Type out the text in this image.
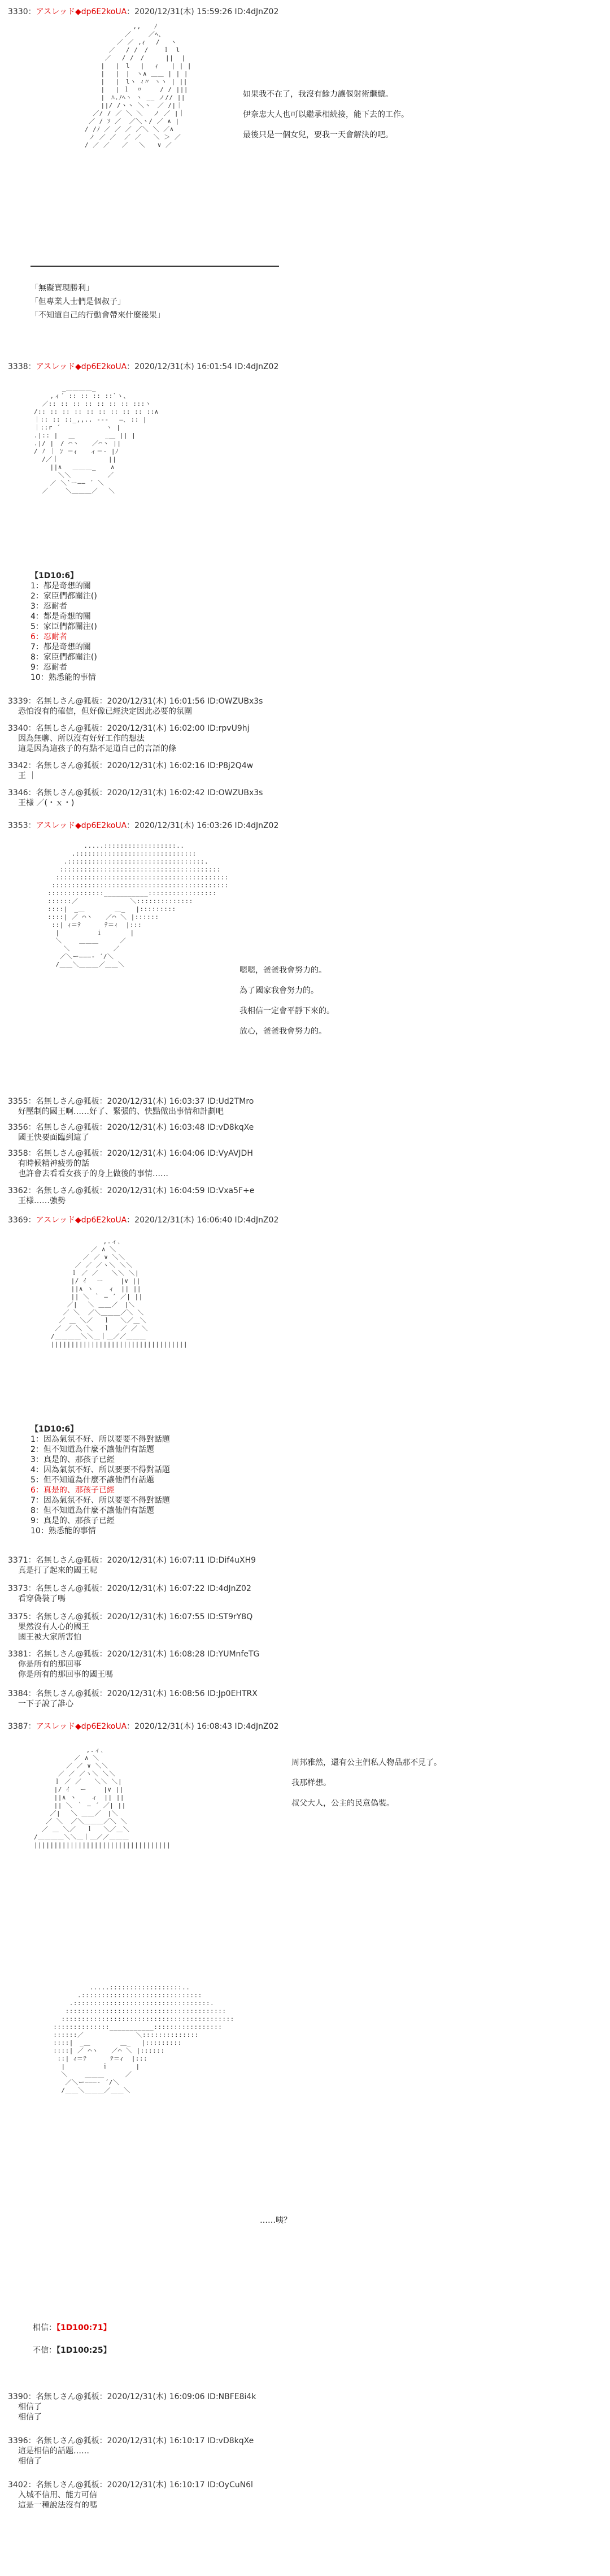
3330：アスレッド◆dp6E2koUA：2020/12/31(木) 15:59:26 ID:4dJnZ02
,,　　ﾉ
／　　 ／ﾍ、
／ ／ ,ｨ　 / 　ヽ
／　 / /　/　  ｌ　l
／　 / /　/ 　　 ||  |
|　 |　l　 | 　ｨ　　| | |
|　 |　|　ヽ∧ ＿＿ | | |
|　 |　lヽ ｨ〃 ヽヽ | ||
|　 | ｌ　〃　　 / / |||
|　ﾊ.ﾉﾍヽ ヽ __ ノ// ||
||/ /ヽヽ ＼ヽ　／ /|｜
／/ / ／ ＼ ＼　 ノ ／ |｜
／ / ｿ ／  ／＼ヽ/ ／ ∧ |
/ /ﾉ ／ ／ ／ ／＼ ＼ ／∧
ノ ／ ／  ／ ／   ＼ ＞ ／
/ ／ ／   ／　 ＼   ∨ ／
如果我不在了，我沒有餘力讓偃射術繼續。

伊奈忠大人也可以繼承相続接，能下去的工作。

最後只是一個女兒，要我一天會解決的吧。
「無礙實現勝利」
「但專業人士們是個叔子」
「不知道自己的行動會帶來什麼後果」
3338：アスレッド◆dp6E2koUA：2020/12/31(木) 16:01:54 ID:4dJnZ02
_＿＿＿＿_
,ィ´ :: :: :: ::`ヽ、
／:: :: :: :: :: :: :: :::ヽ
/:: :: :: :: :: :: :: :: :: ::∧
｜:: :: ::_,,.. --‐ 　―､ :: |
｜::r ´　　　　　　　ヽ |
.|:: |　 ＿ 　　　　_＿ || |
.|/ |　/ ⌒ヽ　　／⌒ヽ ||
/ ﾉ ｜ ﾝ ＝ｨ　　ィ＝‐ |ﾉ
/／｜　　　　　　　 ||
||∧　 ＿＿＿_ 　 ∧
＼＼　　　　　 ／
／ ＼`ー―― ´ ＼
／　　 ＼＿＿＿／　 ＼
【1D10:6】
1：都是奇想的關
2：家臣們都關注()
3：忍耐者
4：都是奇想的關
5：家臣們都關注()
6：忍耐者
7：都是奇想的關
8：家臣們都關注()
9：忍耐者
10：熟悉能的事情
3339：名無しさん@狐板：2020/12/31(木) 16:01:56 ID:OWZUBx3s
恐怕沒有的確信，但好像已經決定因此必要的氛圍
3340：名無しさん@狐板：2020/12/31(木) 16:02:00 ID:rpvU9hj
因為無聊、所以沒有好好工作的想法
這是因為這孩子的有點不足道自己的言語的條
3342：名無しさん@狐板：2020/12/31(木) 16:02:16 ID:P8j2Q4w
王 ｜
3346：名無しさん@狐板：2020/12/31(木) 16:02:42 ID:OWZUBx3s
王様 ／(・ｘ・)
3353：アスレッド◆dp6E2koUA：2020/12/31(木) 16:03:26 ID:4dJnZ02
.....::::::::::::::::::..
.::::::::::::::::::::::::::::::
.::::::::::::::::::::::::::::::::::.
::::::::::::::::::::::::::::::::::::::::
:::::::::::::::::::::::::::::::::::::::::::
::::::::::::::::::::::::::::::::::::::::::::
::::::::::::::___________:::::::::::::::::
::::::／　　　　　　　　＼::::::::::::::
::::|　_＿　　　　 ＿_　 |:::::::::
::::| ／ ⌒ヽ　　／⌒ ＼ |::::::
::| ｨ＝ﾃ　　　 ﾃ＝ｨ  |:::
|　　　　　 ｉ 　　　 |
＼　　 ＿＿＿ 　　 ／
＼　　　　　　 ／
／＼ー―――‐ ´/＼
/＿＿＼＿＿＿／＿＿＼
嗯嗯，爸爸我會努力的。

為了國家我會努力的。

我相信一定會平靜下來的。

放心，爸爸我會努力的。
3355：名無しさん@狐板：2020/12/31(木) 16:03:37 ID:Ud2TMro
好壓制的國王啊……好了、緊張的、快點做出事情和計劃吧
3356：名無しさん@狐板：2020/12/31(木) 16:03:48 ID:vD8kqXe
國王快要面臨到這了
3358：名無しさん@狐板：2020/12/31(木) 16:04:06 ID:VyAVJDH
有時候精神疲勞的話
也許會去看看女孩子的身上做後的事情……
3362：名無しさん@狐板：2020/12/31(木) 16:04:59 ID:Vxa5F+e
王様……強勢
3369：アスレッド◆dp6E2koUA：2020/12/31(木) 16:06:40 ID:4dJnZ02
,.ィ､
／ ∧ ＼
／ ／ ∨ ＼＼
／ ／ ／ヽ＼ ＼＼
ｌ ／ ／　　＼＼ ＼|
|/ ｲ 　ー　 　|∨ ||
||∧ ヽ 　 ィ　|| ||
|| ＼ ｀ ― ´ ／| ||
／|　 ＼ ＿＿／　|＼
／ ＼  ／＼＿＿＿／＼ ＼
／ ＿ ＼／　 ｌ　 ＼／＿＼
／ ／ ＼ ＼　 ｌ 　／ ／ ＼
/＿＿＿＿＼＼＿｜＿／／＿＿＿
||||||||||||||||||||||||||||||||||
【1D10:6】
1：因為氣氛不好、所以要要不得對話題
2：但不知道為什麼不讓他們有話題
3：真是的、那孩子已經
4：因為氣氛不好、所以要要不得對話題
5：但不知道為什麼不讓他們有話題
6：真是的、那孩子已經
7：因為氣氛不好、所以要要不得對話題
8：但不知道為什麼不讓他們有話題
9：真是的、那孩子已經
10：熟悉能的事情
3371：名無しさん@狐板：2020/12/31(木) 16:07:11 ID:Dif4uXH9
真是打了起來的國王呢
3373：名無しさん@狐板：2020/12/31(木) 16:07:22 ID:4dJnZ02
看穿偽裝了嗎
3375：名無しさん@狐板：2020/12/31(木) 16:07:55 ID:ST9rY8Q
果然沒有人心的國王
國王被大家所害怕
3381：名無しさん@狐板：2020/12/31(木) 16:08:28 ID:YUMnfeTG
你是所有的那回事
你是所有的那回事的國王嗎
3384：名無しさん@狐板：2020/12/31(木) 16:08:56 ID:Jp0EHTRX
一下子說了誰心
3387：アスレッド◆dp6E2koUA：2020/12/31(木) 16:08:43 ID:4dJnZ02
,.ィ､
／ ∧ ＼
／ ／ ∨ ＼＼
／ ／ ／ヽ＼ ＼＼
ｌ ／ ／　　＼＼ ＼|
|/ ｲ 　ー　 　|∨ ||
||∧ ヽ 　 ィ　|| ||
|| ＼ ｀ ― ´ ／| ||
／|　 ＼ ＿＿／　|＼
／ ＼  ／＼＿＿＿／＼ ＼
／ ＿ ＼／　 ｌ　 ＼／＿＼
/＿＿＿＿＼＼＿｜＿／／＿＿＿
||||||||||||||||||||||||||||||||||
周邦雅然，還有公主們私人物品那不見了。

我那样想。

叔父大人，公主的民意偽裝。
.....::::::::::::::::::..
.::::::::::::::::::::::::::::::
.::::::::::::::::::::::::::::::::::.
::::::::::::::::::::::::::::::::::::::::
:::::::::::::::::::::::::::::::::::::::::::
::::::::::::::___________:::::::::::::::::
::::::／　　　　　　　　＼::::::::::::::
::::|　_＿　　　　 ＿_　 |:::::::::
::::| ／ ⌒ヽ　　／⌒ ＼ |::::::
::| ｨ＝ﾃ　　　 ﾃ＝ｨ  |:::
|　　　　　 ｉ 　　　 |
＼　　 ＿＿＿ 　　 ／
／＼ー―――‐ ´/＼
/＿＿＼＿＿＿／＿＿＼
……咦？
相信：【1D100:71】
不信：【1D100:25】
3390：名無しさん@狐板：2020/12/31(木) 16:09:06 ID:NBFE8i4k
相信了
相信了
3396：名無しさん@狐板：2020/12/31(木) 16:10:17 ID:vD8kqXe
這是相信的話題……
相信了
3402：名無しさん@狐板：2020/12/31(木) 16:10:17 ID:OyCuN6l
入城不信用、能力可信
這是一種說法沒有的嗎
